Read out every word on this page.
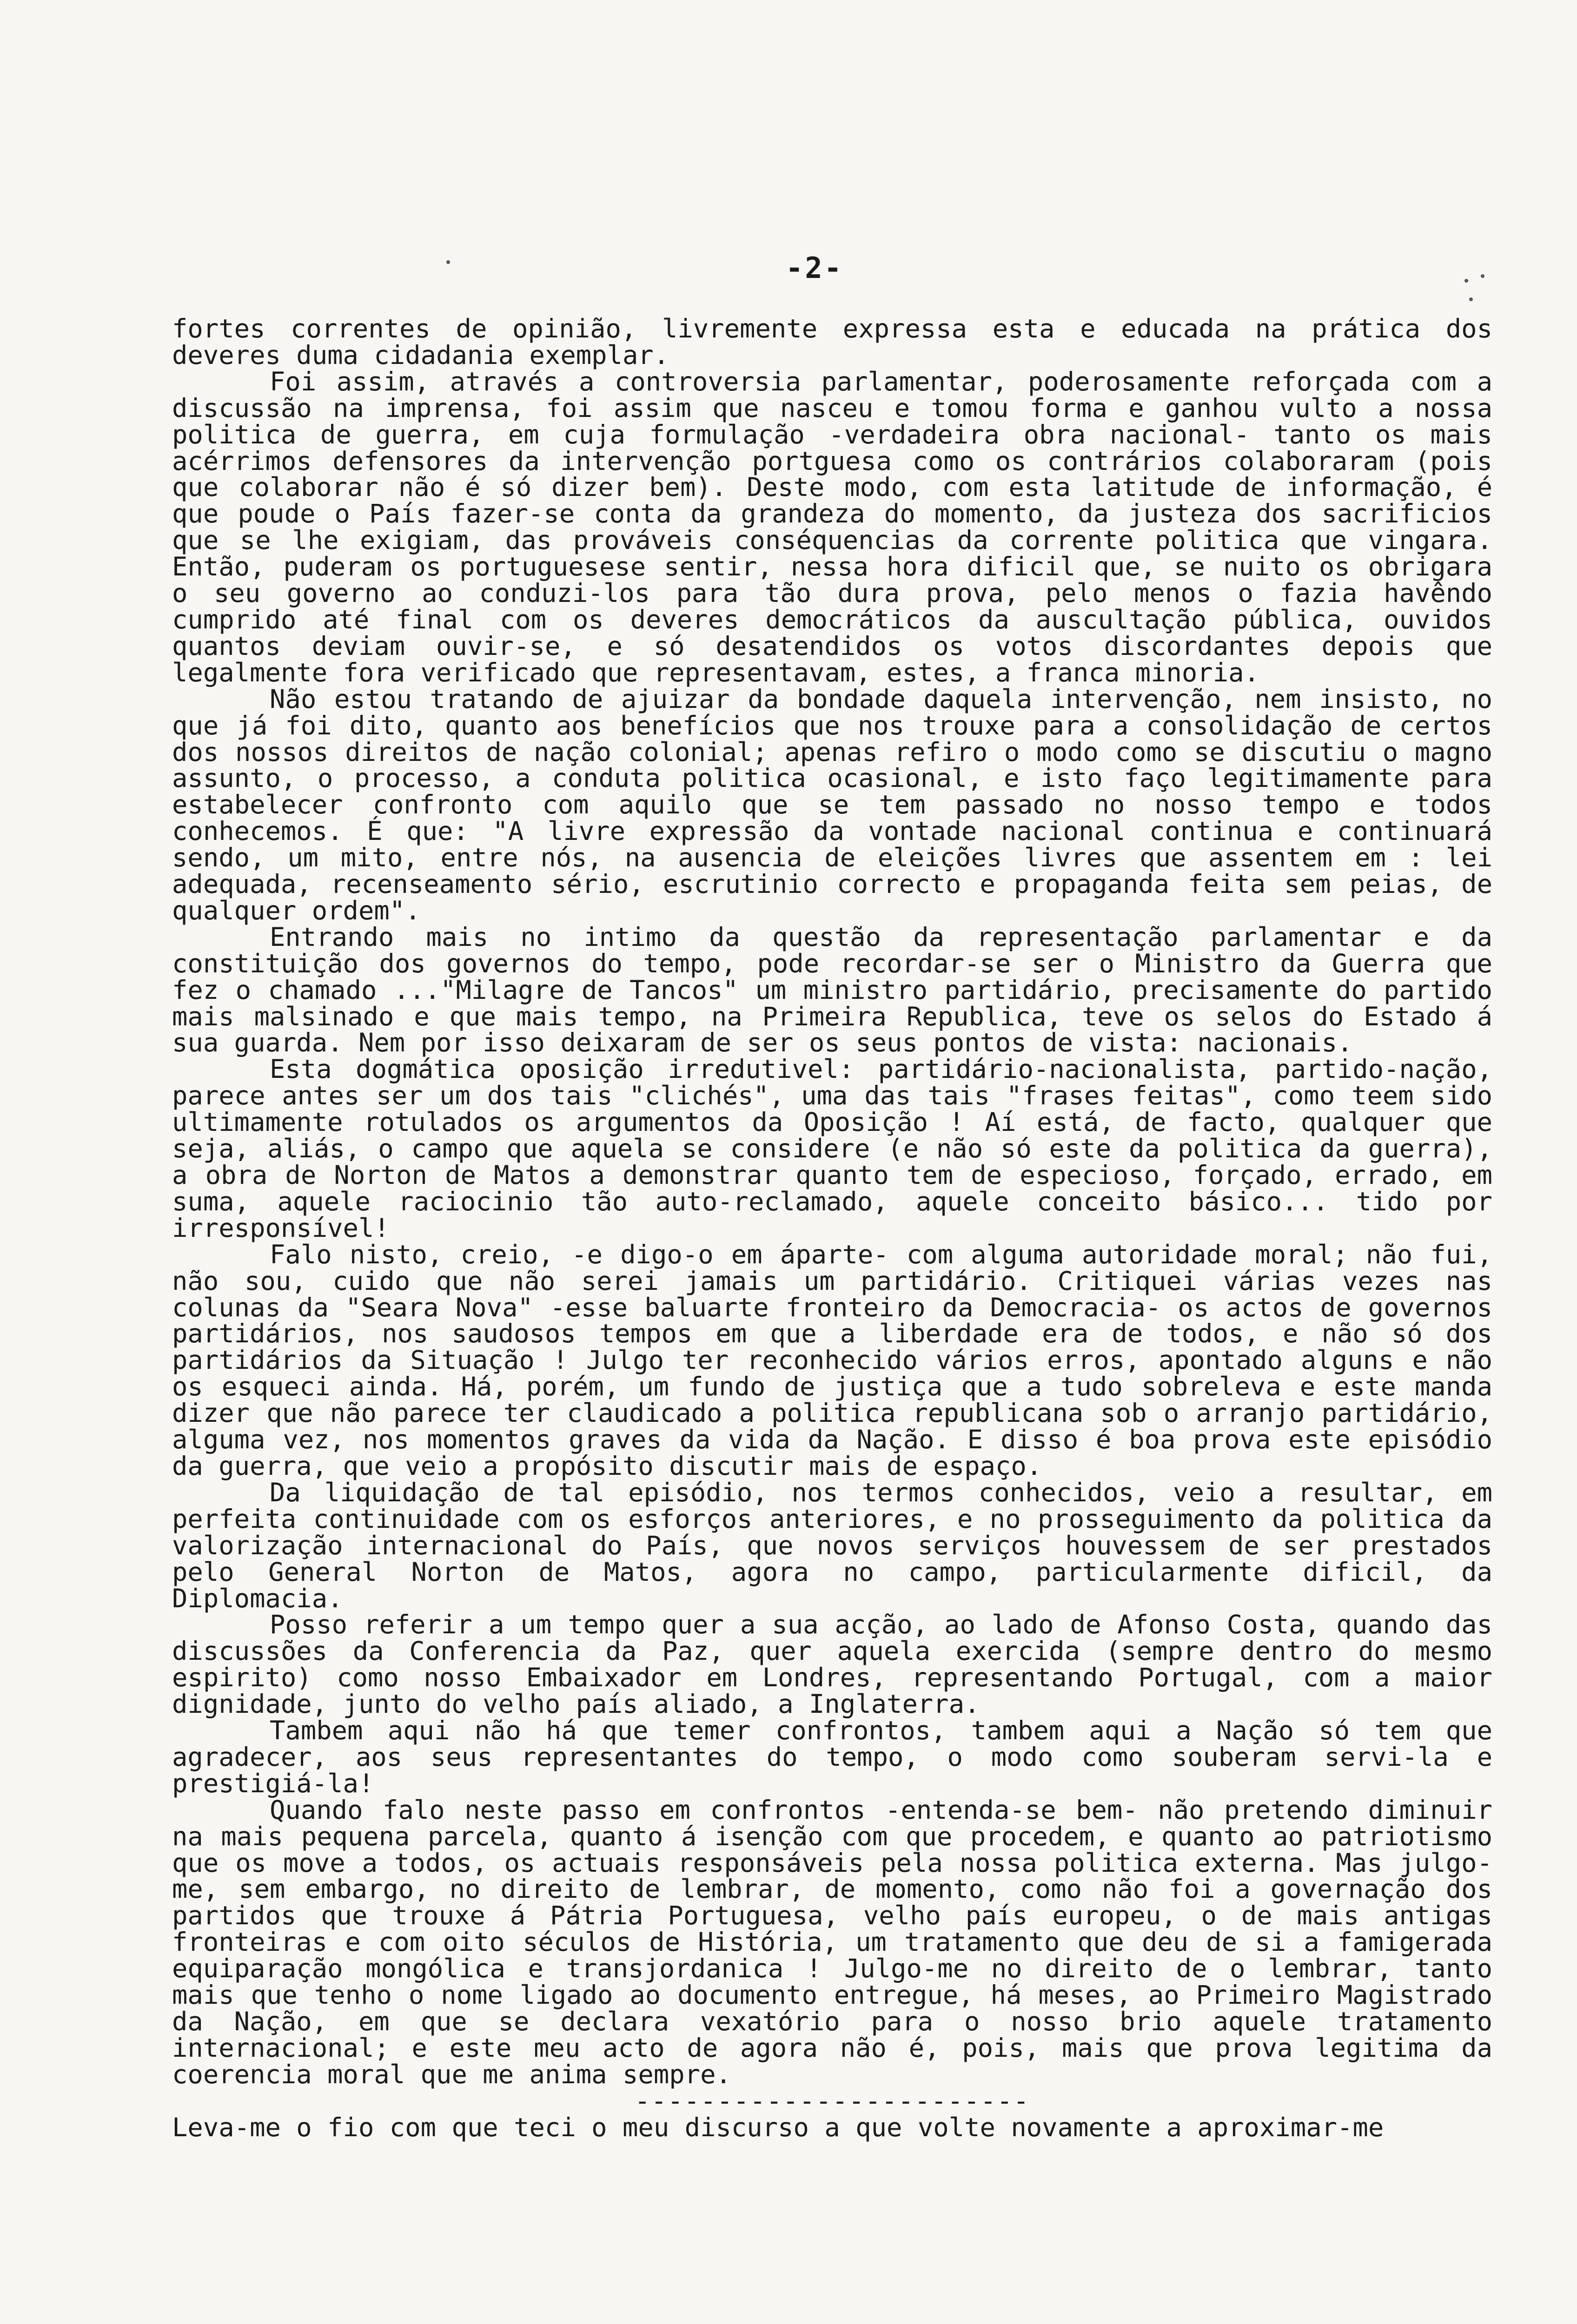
-2-

fortes correntes de opinião, livremente expressa esta e educada na prática dos deveres duma cidadania exemplar.

Foi assim, através a controversia parlamentar, poderosamente reforçada com a discussão na imprensa, foi assim que nasceu e tomou forma e ganhou vulto a nossa politica de guerra, em cuja formulação -verdadeira obra nacional- tanto os mais acérrimos defensores da intervenção portguesa como os contrários colaboraram (pois que colaborar não é só dizer bem). Deste modo, com esta latitude de informação, é que poude o País fazer-se conta da grandeza do momento, da justeza dos sacrificios que se lhe exigiam, das prováveis conséquencias da corrente politica que vingara. Então, puderam os portuguesese sentir, nessa hora dificil que, se nuito os obrigara o seu governo ao conduzi-los para tão dura prova, pelo menos o fazia havêndo cumprido até final com os deveres democráticos da auscultação pública, ouvidos quantos deviam ouvir-se, e só desatendidos os votos discordantes depois que legalmente fora verificado que representavam, estes, a franca minoria.

Não estou tratando de ajuizar da bondade daquela intervenção, nem insisto, no que já foi dito, quanto aos benefícios que nos trouxe para a consolidação de certos dos nossos direitos de nação colonial; apenas refiro o modo como se discutiu o magno assunto, o processo, a conduta politica ocasional, e isto faço legitimamente para estabelecer confronto com aquilo que se tem passado no nosso tempo e todos conhecemos. É que: "A livre expressão da vontade nacional continua e continuará sendo, um mito, entre nós, na ausencia de eleições livres que assentem em : lei adequada, recenseamento sério, escrutinio correcto e propaganda feita sem peias, de qualquer ordem".

Entrando mais no intimo da questão da representação parlamentar e da constituição dos governos do tempo, pode recordar-se ser o Ministro da Guerra que fez o chamado ..."Milagre de Tancos" um ministro partidário, precisamente do partido mais malsinado e que mais tempo, na Primeira Republica, teve os selos do Estado á sua guarda. Nem por isso deixaram de ser os seus pontos de vista: nacionais.

Esta dogmática oposição irredutivel: partidário-nacionalista, partido-nação, parece antes ser um dos tais "clichés", uma das tais "frases feitas", como teem sido ultimamente rotulados os argumentos da Oposição ! Aí está, de facto, qualquer que seja, aliás, o campo que aquela se considere (e não só este da politica da guerra), a obra de Norton de Matos a demonstrar quanto tem de especioso, forçado, errado, em suma, aquele raciocinio tão auto-reclamado, aquele conceito básico... tido por irresponsível!

Falo nisto, creio, -e digo-o em áparte- com alguma autoridade moral; não fui, não sou, cuido que não serei jamais um partidário. Critiquei várias vezes nas colunas da "Seara Nova" -esse baluarte fronteiro da Democracia- os actos de governos partidários, nos saudosos tempos em que a liberdade era de todos, e não só dos partidários da Situação ! Julgo ter reconhecido vários erros, apontado alguns e não os esqueci ainda. Há, porém, um fundo de justiça que a tudo sobreleva e este manda dizer que não parece ter claudicado a politica republicana sob o arranjo partidário, alguma vez, nos momentos graves da vida da Nação. E disso é boa prova este episódio da guerra, que veio a propósito discutir mais de espaço.

Da liquidação de tal episódio, nos termos conhecidos, veio a resultar, em perfeita continuidade com os esforços anteriores, e no prosseguimento da politica da valorização internacional do País, que novos serviços houvessem de ser prestados pelo General Norton de Matos, agora no campo, particularmente dificil, da Diplomacia.

Posso referir a um tempo quer a sua acção, ao lado de Afonso Costa, quando das discussões da Conferencia da Paz, quer aquela exercida (sempre dentro do mesmo espirito) como nosso Embaixador em Londres, representando Portugal, com a maior dignidade, junto do velho país aliado, a Inglaterra.

Tambem aqui não há que temer confrontos, tambem aqui a Nação só tem que agradecer, aos seus representantes do tempo, o modo como souberam servi-la e prestigiá-la!

Quando falo neste passo em confrontos -entenda-se bem- não pretendo diminuir na mais pequena parcela, quanto á isenção com que procedem, e quanto ao patriotismo que os move a todos, os actuais responsáveis pela nossa politica externa. Mas julgo-me, sem embargo, no direito de lembrar, de momento, como não foi a governação dos partidos que trouxe á Pátria Portuguesa, velho país europeu, o de mais antigas fronteiras e com oito séculos de História, um tratamento que deu de si a famigerada equiparação mongólica e transjordanica ! Julgo-me no direito de o lembrar, tanto mais que tenho o nome ligado ao documento entregue, há meses, ao Primeiro Magistrado da Nação, em que se declara vexatório para o nosso brio aquele tratamento internacional; e este meu acto de agora não é, pois, mais que prova legitima da coerencia moral que me anima sempre.

------------------------

Leva-me o fio com que teci o meu discurso a que volte novamente a aproximar-me
